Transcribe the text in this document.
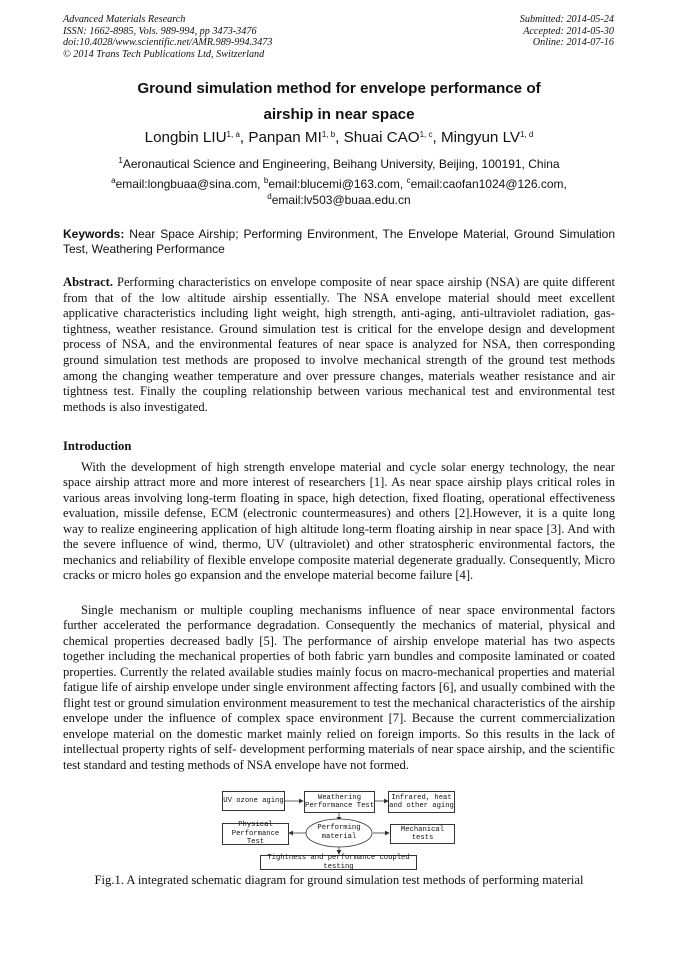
Advanced Materials Research
ISSN: 1662-8985, Vols. 989-994, pp 3473-3476
doi:10.4028/www.scientific.net/AMR.989-994.3473
© 2014 Trans Tech Publications Ltd, Switzerland
Submitted: 2014-05-24
Accepted: 2014-05-30
Online: 2014-07-16
Ground simulation method for envelope performance of
airship in near space
Longbin LIU$^{1, a}$, Panpan MI$^{1, b}$, Shuai CAO$^{1, c}$, Mingyun LV$^{1, d}$
$^1$Aeronautical Science and Engineering, Beihang University, Beijing, 100191, China
$^a$email:longbuaa@sina.com, $^b$email:blucemi@163.com, $^c$email:caofan1024@126.com,
$^d$email:lv503@buaa.edu.cn
Keywords: Near Space Airship; Performing Environment, The Envelope Material, Ground Simulation Test, Weathering Performance
Abstract. Performing characteristics on envelope composite of near space airship (NSA) are quite different from that of the low altitude airship essentially. The NSA envelope material should meet excellent applicative characteristics including light weight, high strength, anti-aging, anti-ultraviolet radiation, gas-tightness, weather resistance. Ground simulation test is critical for the envelope design and development process of NSA, and the environmental features of near space is analyzed for NSA, then corresponding ground simulation test methods are proposed to involve mechanical strength of the ground test methods among the changing weather temperature and over pressure changes, materials weather resistance and air tightness test. Finally the coupling relationship between various mechanical test and environmental test methods is also investigated.
Introduction
With the development of high strength envelope material and cycle solar energy technology, the near space airship attract more and more interest of researchers [1]. As near space airship plays critical roles in various areas involving long-term floating in space, high detection, fixed floating, operational effectiveness evaluation, missile defense, ECM (electronic countermeasures) and others [2].However, it is a quite long way to realize engineering application of high altitude long-term floating airship in near space [3]. And with the severe influence of wind, thermo, UV (ultraviolet) and other stratospheric environmental factors, the mechanics and reliability of flexible envelope composite material degenerate gradually. Consequently, Micro cracks or micro holes go expansion and the envelope material become failure [4].
Single mechanism or multiple coupling mechanisms influence of near space environmental factors further accelerated the performance degradation. Consequently the mechanics of material, physical and chemical properties decreased badly [5]. The performance of airship envelope material has two aspects together including the mechanical properties of both fabric yarn bundles and composite laminated or coated properties. Currently the related available studies mainly focus on macro-mechanical properties and material fatigue life of airship envelope under single environment affecting factors [6], and usually combined with the flight test or ground simulation environment measurement to test the mechanical characteristics of the airship envelope under the influence of complex space environment [7]. Because the current commercialization envelope material on the domestic market mainly relied on foreign imports. So this results in the lack of intellectual property rights of self- development performing materials of near space airship, and the scientific test standard and testing methods of NSA envelope have not formed.
UV ozone aging	Weathering
Performance Test
Infrared, heat
and other aging
Physical
Performance Test
Performing
material
Mechanical tests
Tightness and performance coupled testing
Fig.1. A integrated schematic diagram for ground simulation test methods of performing material
